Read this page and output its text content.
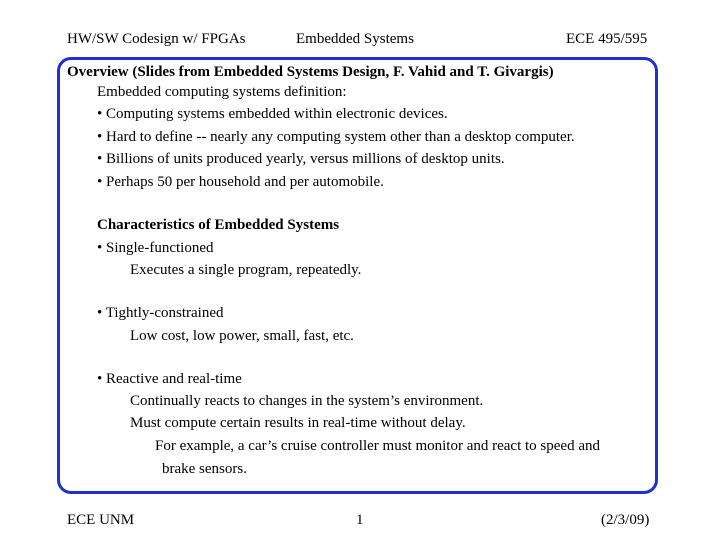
HW/SW Codesign w/ FPGAs	Embedded Systems	ECE 495/595
Overview (Slides from Embedded Systems Design, F. Vahid and T. Givargis)
Embedded computing systems definition:
• Computing systems embedded within electronic devices.
• Hard to define -- nearly any computing system other than a desktop computer.
• Billions of units produced yearly, versus millions of desktop units.
• Perhaps 50 per household and per automobile.
Characteristics of Embedded Systems
• Single-functioned
Executes a single program, repeatedly.
• Tightly-constrained
Low cost, low power, small, fast, etc.
• Reactive and real-time
Continually reacts to changes in the system’s environment.
Must compute certain results in real-time without delay.
For example, a car’s cruise controller must monitor and react to speed and
brake sensors.
ECE UNM	1	(2/3/09)
